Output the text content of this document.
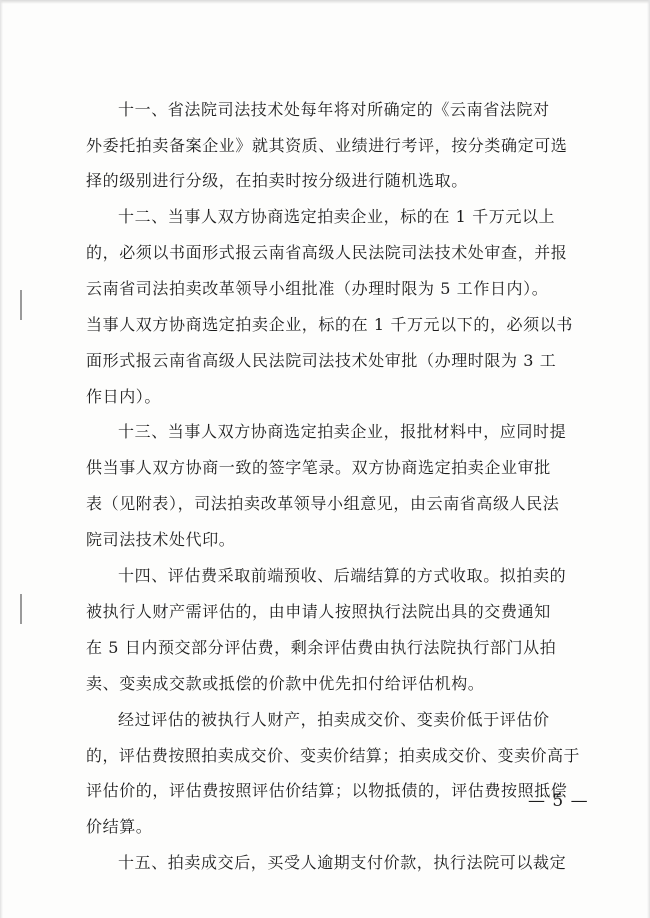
十一、省法院司法技术处每年将对所确定的《云南省法院对
外委托拍卖备案企业》就其资质、业绩进行考评，按分类确定可选
择的级别进行分级，在拍卖时按分级进行随机选取。
十二、当事人双方协商选定拍卖企业，标的在 1 千万元以上
的，必须以书面形式报云南省高级人民法院司法技术处审查，并报
云南省司法拍卖改革领导小组批准（办理时限为 5 工作日内）。
当事人双方协商选定拍卖企业，标的在 1 千万元以下的，必须以书
面形式报云南省高级人民法院司法技术处审批（办理时限为 3 工
作日内）。
十三、当事人双方协商选定拍卖企业，报批材料中，应同时提
供当事人双方协商一致的签字笔录。双方协商选定拍卖企业审批
表（见附表），司法拍卖改革领导小组意见，由云南省高级人民法
院司法技术处代印。
十四、评估费采取前端预收、后端结算的方式收取。拟拍卖的
被执行人财产需评估的，由申请人按照执行法院出具的交费通知
在 5 日内预交部分评估费，剩余评估费由执行法院执行部门从拍
卖、变卖成交款或抵偿的价款中优先扣付给评估机构。
经过评估的被执行人财产，拍卖成交价、变卖价低于评估价
的，评估费按照拍卖成交价、变卖价结算；拍卖成交价、变卖价高于
评估价的，评估费按照评估价结算；以物抵债的，评估费按照抵偿
价结算。
十五、拍卖成交后，买受人逾期支付价款，执行法院可以裁定
— 5 —
